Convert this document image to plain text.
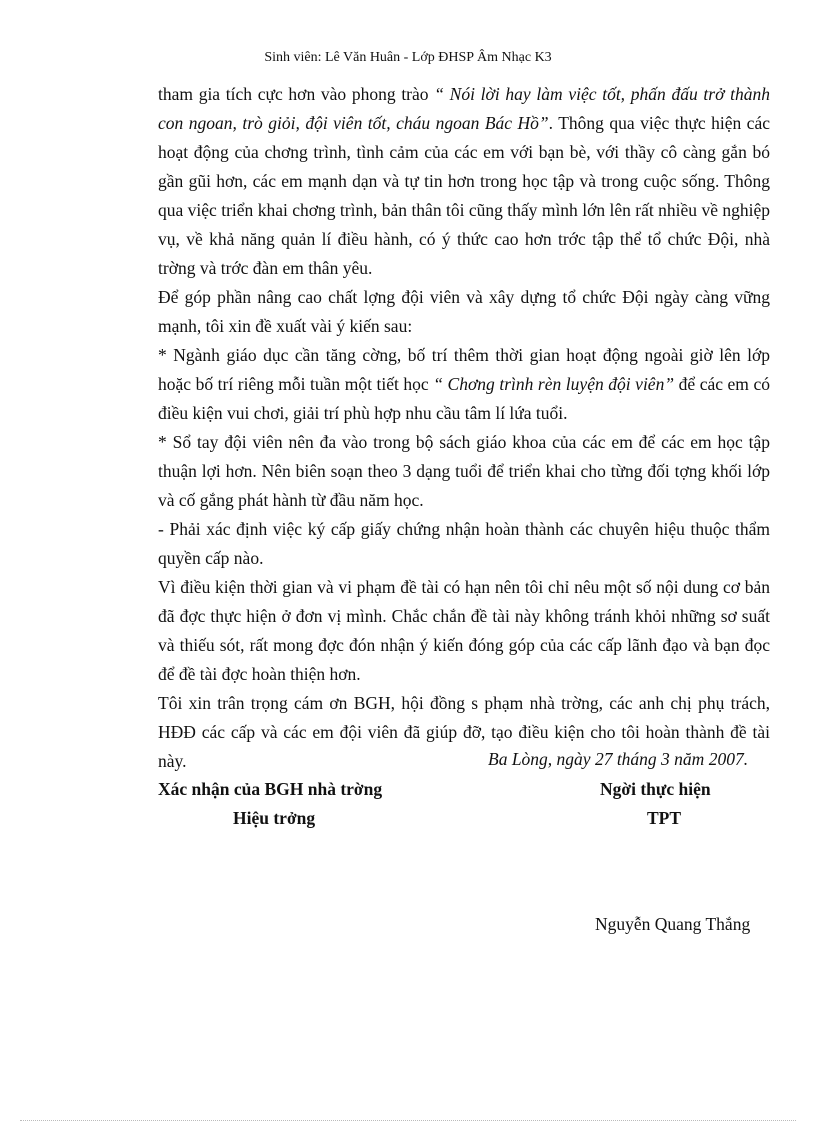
Sinh viên: Lê Văn Huân - Lớp ĐHSP Âm Nhạc K3

tham gia tích cực hơn vào phong trào “ Nói lời hay làm việc tốt, phấn đấu trở thành con ngoan, trò giỏi, đội viên tốt, cháu ngoan Bác Hồ”. Thông qua việc thực hiện các hoạt động của chơng trình, tình cảm của các em với bạn bè, với thầy cô càng gắn bó gần gũi hơn, các em mạnh dạn và tự tin hơn trong học tập và trong cuộc sống. Thông qua việc triển khai chơng trình, bản thân tôi cũng thấy mình lớn lên rất nhiều về nghiệp vụ, về khả năng quản lí điều hành, có ý thức cao hơn trớc tập thể tổ chức Đội, nhà trờng và trớc đàn em thân yêu.

Để góp phần nâng cao chất lợng đội viên và xây dựng tổ chức Đội ngày càng vững mạnh, tôi xin đề xuất vài ý kiến sau:

* Ngành giáo dục cần tăng cờng, bố trí thêm thời gian hoạt động ngoài giờ lên lớp hoặc bố trí riêng mỗi tuần một tiết học “ Chơng trình rèn luyện đội viên” để các em có điều kiện vui chơi, giải trí phù hợp nhu cầu tâm lí lứa tuổi.

* Sổ tay đội viên nên đa vào trong bộ sách giáo khoa của các em để các em học tập thuận lợi hơn. Nên biên soạn theo 3 dạng tuổi để triển khai cho từng đối tợng khối lớp và cố gắng phát hành từ đầu năm học.

- Phải xác định việc ký cấp giấy chứng nhận hoàn thành các chuyên hiệu thuộc thẩm quyền cấp nào.

Vì điều kiện thời gian và vi phạm đề tài có hạn nên tôi chỉ nêu một số nội dung cơ bản đã đợc thực hiện ở đơn vị mình. Chắc chắn đề tài này không tránh khỏi những sơ suất và thiếu sót, rất mong đợc đón nhận ý kiến đóng góp của các cấp lãnh đạo và bạn đọc để đề tài đợc hoàn thiện hơn.

Tôi xin trân trọng cám ơn BGH, hội đồng s phạm nhà trờng, các anh chị phụ trách, HĐĐ các cấp và các em đội viên đã giúp đỡ, tạo điều kiện cho tôi hoàn thành đề tài này.	Ba Lòng, ngày 27 tháng 3 năm 2007.
Xác nhận của BGH nhà trờng
Hiệu trởng
Ngời thực hiện
TPT
Nguyễn Quang Thắng
